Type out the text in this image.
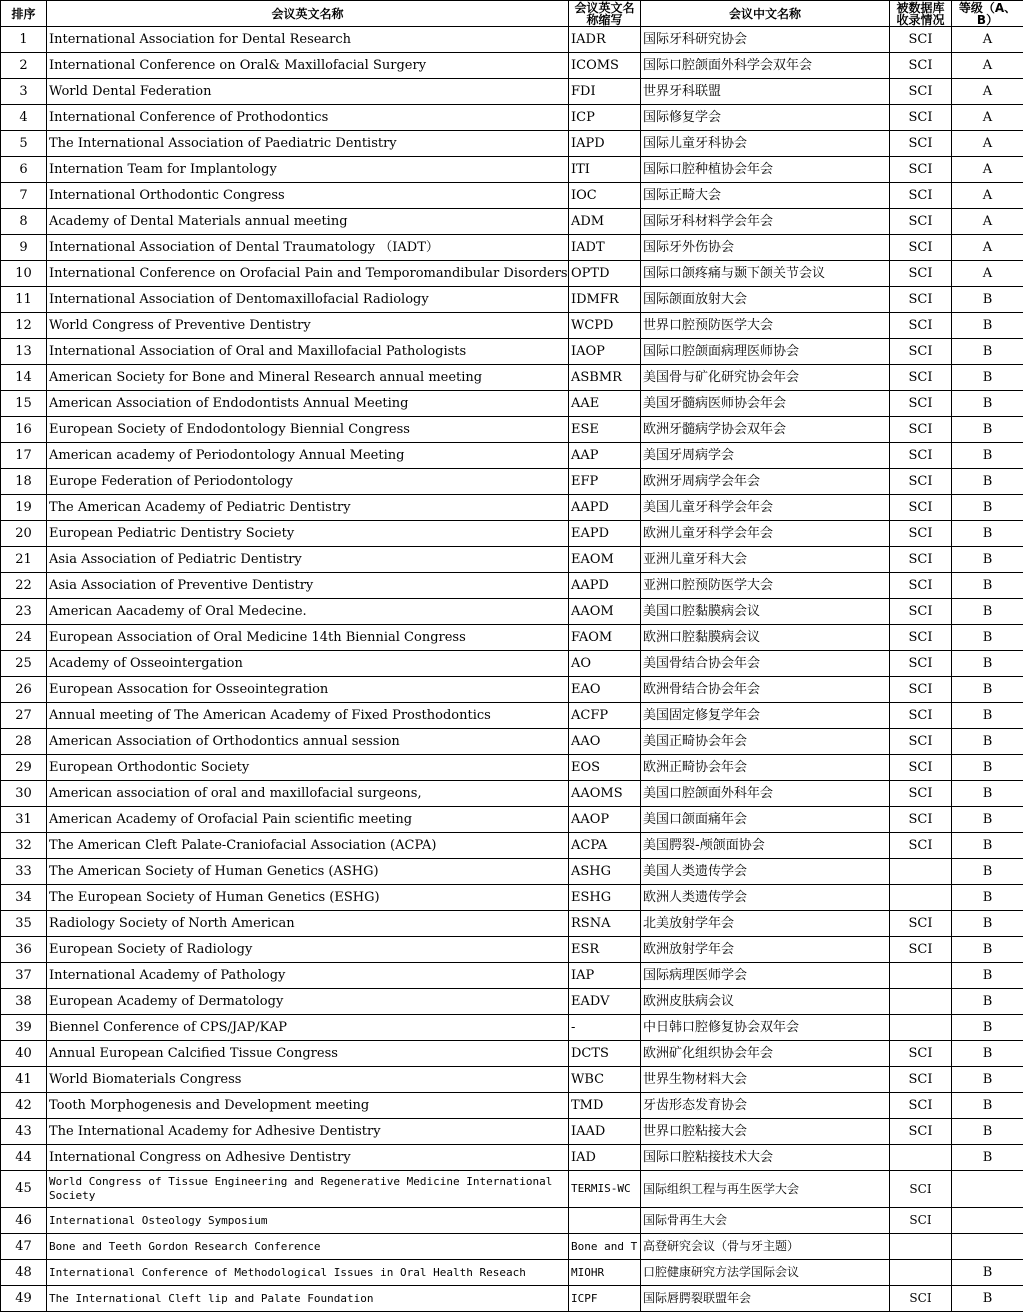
排序	会议英文名称	会议英文名称缩写	会议中文名称	被数据库收录情况	等级（A、B）
1	International Association for Dental Research	IADR	国际牙科研究协会	SCI	A
2	International Conference on Oral& Maxillofacial Surgery	ICOMS	国际口腔颌面外科学会双年会	SCI	A
3	World Dental Federation	FDI	世界牙科联盟	SCI	A
4	International Conference of Prothodontics	ICP	国际修复学会	SCI	A
5	The International Association of Paediatric Dentistry	IAPD	国际儿童牙科协会	SCI	A
6	Internation Team for Implantology	ITI	国际口腔种植协会年会	SCI	A
7	International Orthodontic Congress	IOC	国际正畸大会	SCI	A
8	Academy of Dental Materials annual meeting	ADM	国际牙科材料学会年会	SCI	A
9	International Association of Dental Traumatology （IADT）	IADT	国际牙外伤协会	SCI	A
10	International Conference on Orofacial Pain and Temporomandibular Disorders	OPTD	国际口颌疼痛与颞下颌关节会议	SCI	A
11	International Association of Dentomaxillofacial Radiology	IDMFR	国际颌面放射大会	SCI	B
12	World Congress of Preventive Dentistry	WCPD	世界口腔预防医学大会	SCI	B
13	International Association of Oral and Maxillofacial Pathologists	IAOP	国际口腔颌面病理医师协会	SCI	B
14	American Society for Bone and Mineral Research annual meeting	ASBMR	美国骨与矿化研究协会年会	SCI	B
15	American Association of Endodontists Annual Meeting	AAE	美国牙髓病医师协会年会	SCI	B
16	European Society of Endodontology Biennial Congress	ESE	欧洲牙髓病学协会双年会	SCI	B
17	American academy of Periodontology Annual Meeting	AAP	美国牙周病学会	SCI	B
18	Europe Federation of Periodontology	EFP	欧洲牙周病学会年会	SCI	B
19	The American Academy of Pediatric Dentistry	AAPD	美国儿童牙科学会年会	SCI	B
20	European Pediatric Dentistry Society	EAPD	欧洲儿童牙科学会年会	SCI	B
21	Asia Association of Pediatric Dentistry	EAOM	亚洲儿童牙科大会	SCI	B
22	Asia Association of Preventive Dentistry	AAPD	亚洲口腔预防医学大会	SCI	B
23	American Aacademy of Oral Medecine.	AAOM	美国口腔黏膜病会议	SCI	B
24	European Association of Oral Medicine 14th Biennial Congress	FAOM	欧洲口腔黏膜病会议	SCI	B
25	Academy of Osseointergation	AO	美国骨结合协会年会	SCI	B
26	European Assocation for Osseointegration	EAO	欧洲骨结合协会年会	SCI	B
27	Annual meeting of The American Academy of Fixed Prosthodontics	ACFP	美国固定修复学年会	SCI	B
28	American Association of Orthodontics annual session	AAO	美国正畸协会年会	SCI	B
29	European Orthodontic Society	EOS	欧洲正畸协会年会	SCI	B
30	American association of oral and maxillofacial surgeons,	AAOMS	美国口腔颌面外科年会	SCI	B
31	American Academy of Orofacial Pain scientific meeting	AAOP	美国口颌面痛年会	SCI	B
32	The American Cleft Palate-Craniofacial Association (ACPA)	ACPA	美国腭裂-颅颌面协会	SCI	B
33	The American Society of Human Genetics (ASHG)	ASHG	美国人类遗传学会		B
34	The European Society of Human Genetics (ESHG)	ESHG	欧洲人类遗传学会		B
35	Radiology Society of North American	RSNA	北美放射学年会	SCI	B
36	European Society of Radiology	ESR	欧洲放射学年会	SCI	B
37	International Academy of Pathology	IAP	国际病理医师学会		B
38	European Academy of Dermatology	EADV	欧洲皮肤病会议		B
39	Biennel Conference of CPS/JAP/KAP	-	中日韩口腔修复协会双年会		B
40	Annual European Calcified Tissue Congress	DCTS	欧洲矿化组织协会年会	SCI	B
41	World Biomaterials Congress	WBC	世界生物材料大会	SCI	B
42	Tooth Morphogenesis and Development meeting	TMD	牙齿形态发育协会	SCI	B
43	The International Academy for Adhesive Dentistry	IAAD	世界口腔粘接大会	SCI	B
44	International Congress on Adhesive Dentistry	IAD	国际口腔粘接技术大会		B
45	World Congress of Tissue Engineering and Regenerative Medicine International Society	TERMIS-WC	国际组织工程与再生医学大会	SCI	
46	International Osteology Symposium		国际骨再生大会	SCI	
47	Bone and Teeth Gordon Research Conference	Bone and T	高登研究会议（骨与牙主题）		
48	International Conference of Methodological Issues in Oral Health Reseach	MIOHR	口腔健康研究方法学国际会议		B
49	The International Cleft lip and Palate Foundation	ICPF	国际唇腭裂联盟年会	SCI	B
